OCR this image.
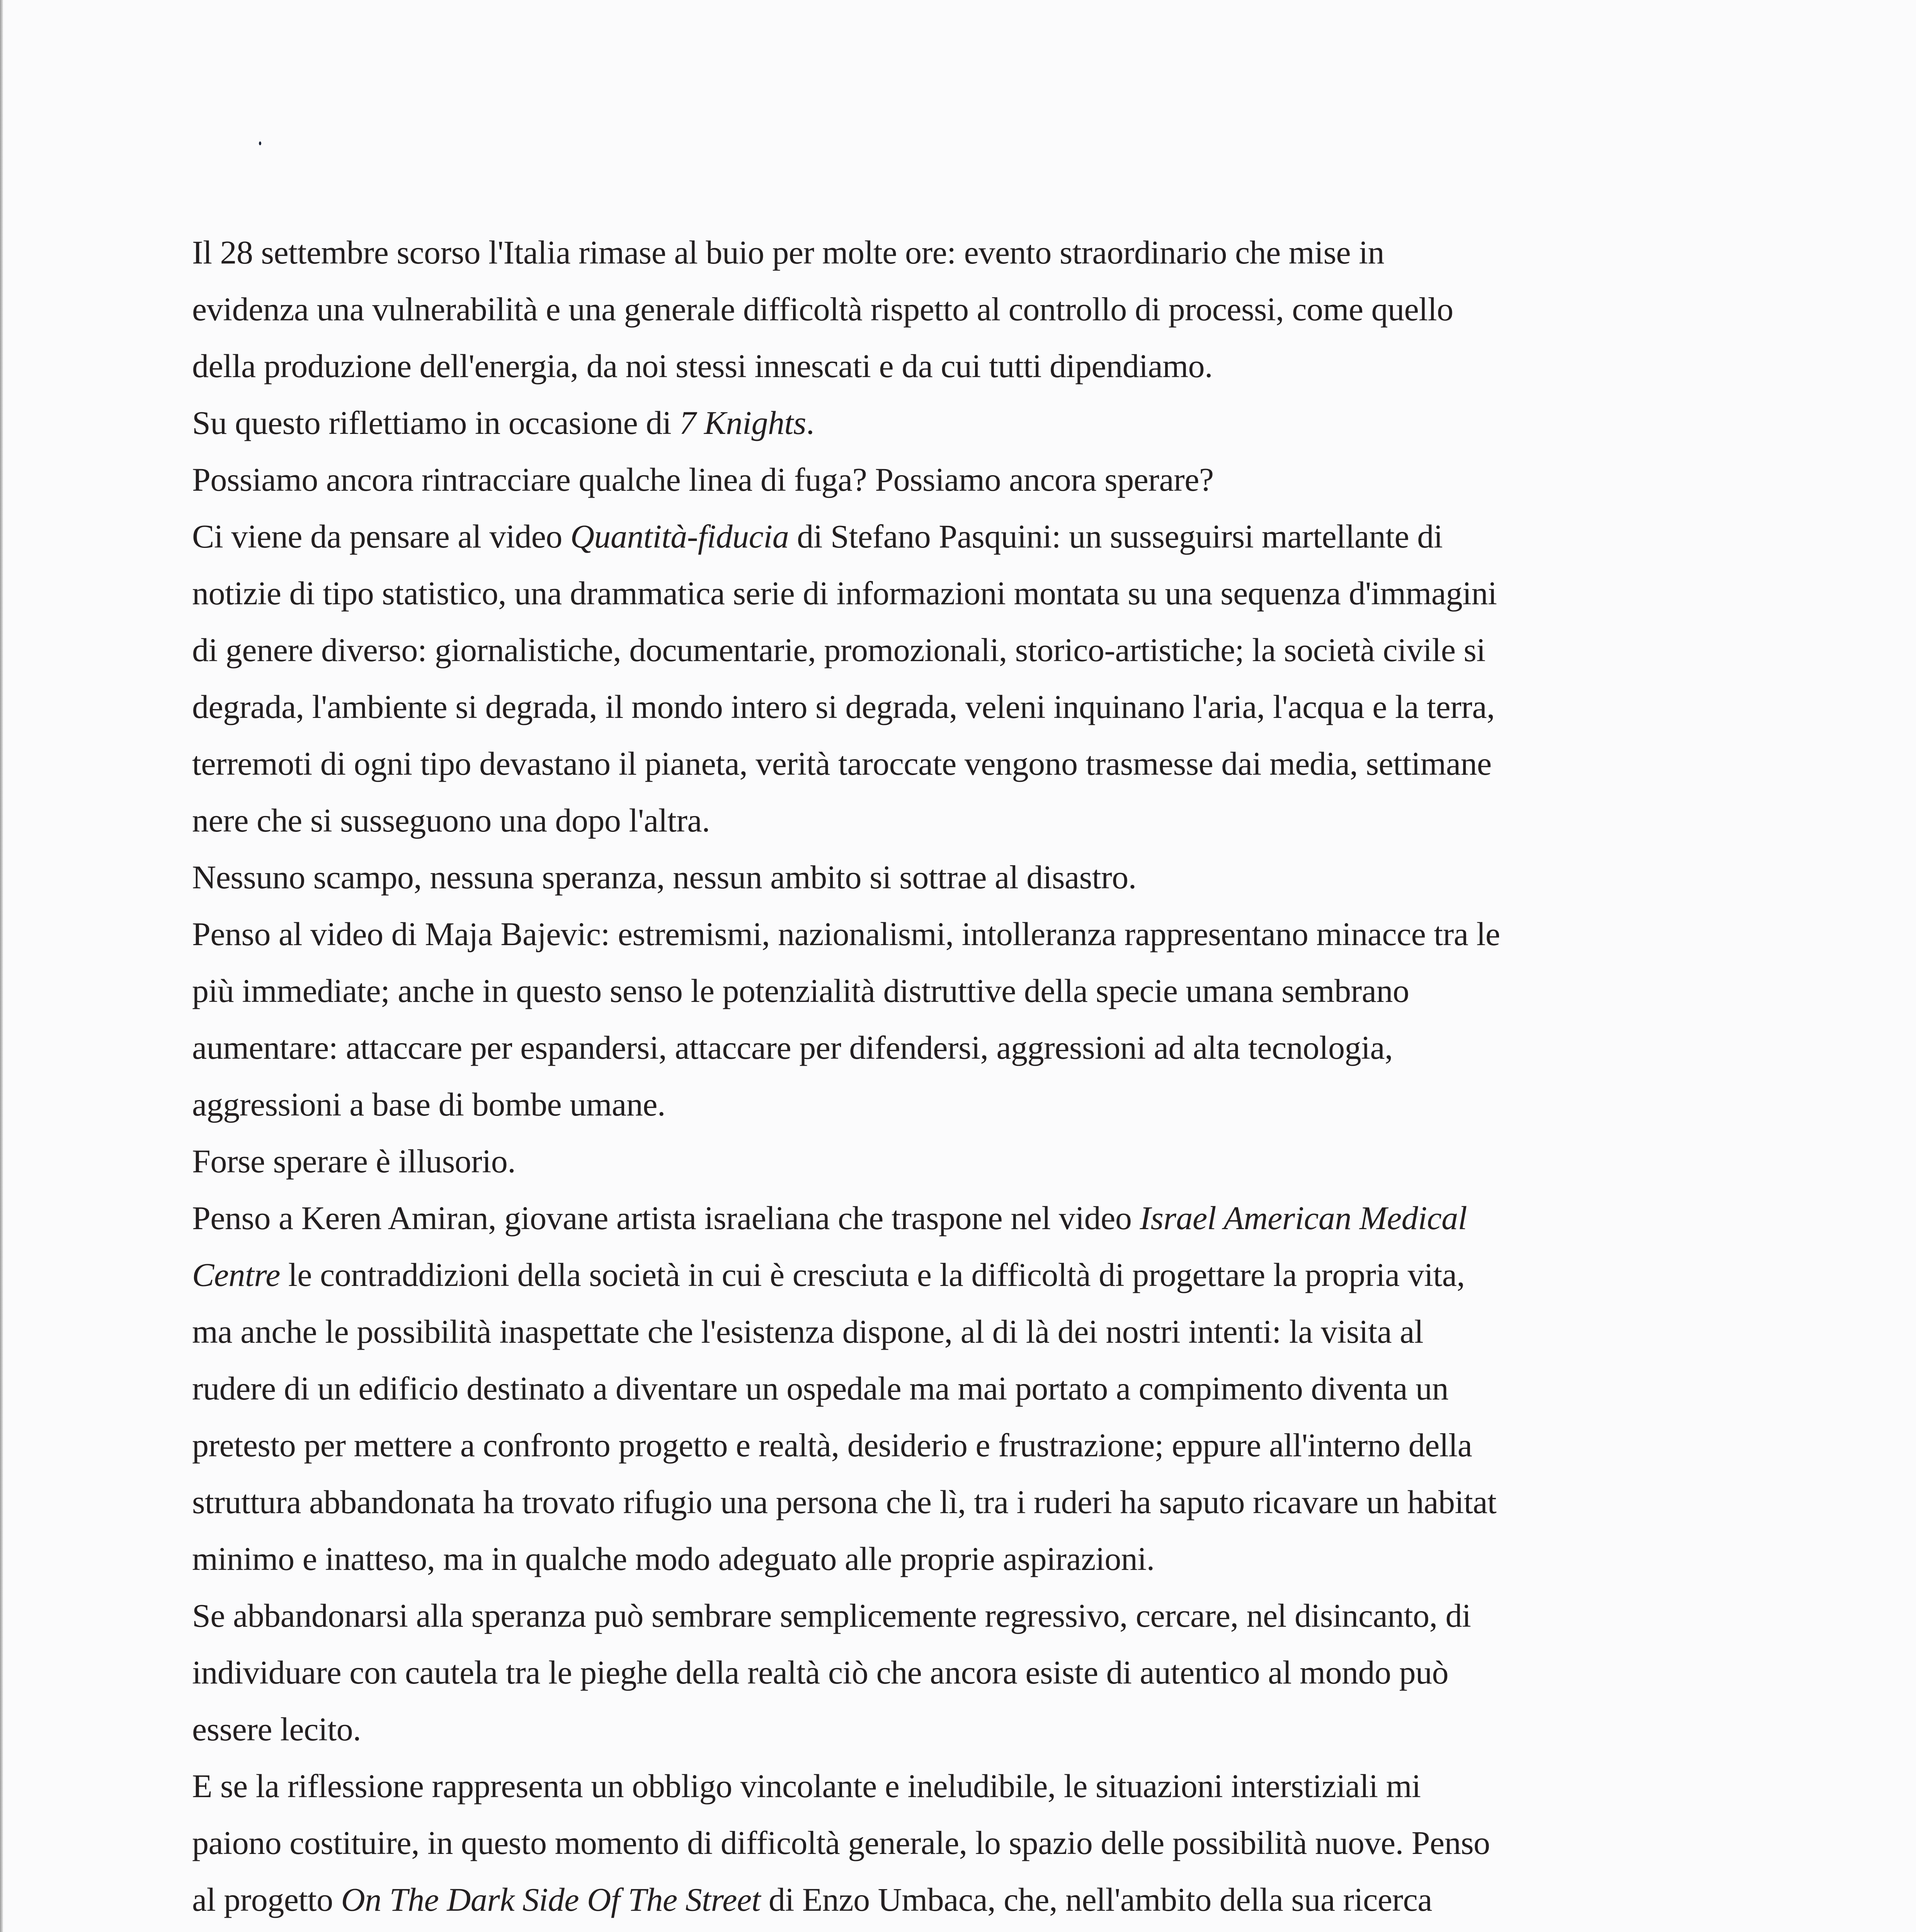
Il 28 settembre scorso l'Italia rimase al buio per molte ore: evento straordinario che mise in
evidenza una vulnerabilità e una generale difficoltà rispetto al controllo di processi, come quello
della produzione dell'energia, da noi stessi innescati e da cui tutti dipendiamo.
Su questo riflettiamo in occasione di 7 Knights.
Possiamo ancora rintracciare qualche linea di fuga? Possiamo ancora sperare?
Ci viene da pensare al video Quantità-fiducia di Stefano Pasquini: un susseguirsi martellante di
notizie di tipo statistico, una drammatica serie di informazioni montata su una sequenza d'immagini
di genere diverso: giornalistiche, documentarie, promozionali, storico-artistiche; la società civile si
degrada, l'ambiente si degrada, il mondo intero si degrada, veleni inquinano l'aria, l'acqua e la terra,
terremoti di ogni tipo devastano il pianeta, verità taroccate vengono trasmesse dai media, settimane
nere che si susseguono una dopo l'altra.
Nessuno scampo, nessuna speranza, nessun ambito si sottrae al disastro.
Penso al video di Maja Bajevic: estremismi, nazionalismi, intolleranza rappresentano minacce tra le
più immediate; anche in questo senso le potenzialità distruttive della specie umana sembrano
aumentare: attaccare per espandersi, attaccare per difendersi, aggressioni ad alta tecnologia,
aggressioni a base di bombe umane.
Forse sperare è illusorio.
Penso a Keren Amiran, giovane artista israeliana che traspone nel video Israel American Medical
Centre le contraddizioni della società in cui è cresciuta e la difficoltà di progettare la propria vita,
ma anche le possibilità inaspettate che l'esistenza dispone, al di là dei nostri intenti: la visita al
rudere di un edificio destinato a diventare un ospedale ma mai portato a compimento diventa un
pretesto per mettere a confronto progetto e realtà, desiderio e frustrazione; eppure all'interno della
struttura abbandonata ha trovato rifugio una persona che lì, tra i ruderi ha saputo ricavare un habitat
minimo e inatteso, ma in qualche modo adeguato alle proprie aspirazioni.
Se abbandonarsi alla speranza può sembrare semplicemente regressivo, cercare, nel disincanto, di
individuare con cautela tra le pieghe della realtà ciò che ancora esiste di autentico al mondo può
essere lecito.
E se la riflessione rappresenta un obbligo vincolante e ineludibile, le situazioni interstiziali mi
paiono costituire, in questo momento di difficoltà generale, lo spazio delle possibilità nuove. Penso
al progetto On The Dark Side Of The Street di Enzo Umbaca, che, nell'ambito della sua ricerca
